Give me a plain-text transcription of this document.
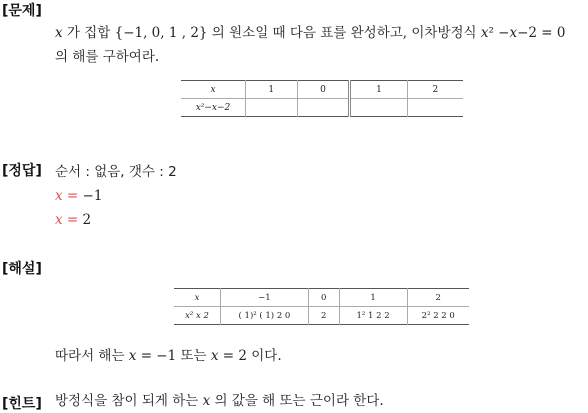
[문제]
𝑥 가 집합 {−1, 0, 1 , 2} 의 원소일 때 다음 표를 완성하고, 이차방정식 𝑥² −𝑥−2 = 0
의 해를 구하여라.
𝑥	1	0	1	2
𝑥²−𝑥−2				
[정답] 순서 : 없음, 갯수 : 2
𝑥 = −1
𝑥 = 2
[해설]
𝑥	−1	0	1	2
𝑥² 𝑥 2	( 1)² ( 1) 2 0	2	1² 1 2 2	2² 2 2 0
따라서 해는 𝑥 = −1 또는 𝑥 = 2 이다.
[힌트] 방정식을 참이 되게 하는 𝑥 의 값을 해 또는 근이라 한다.
